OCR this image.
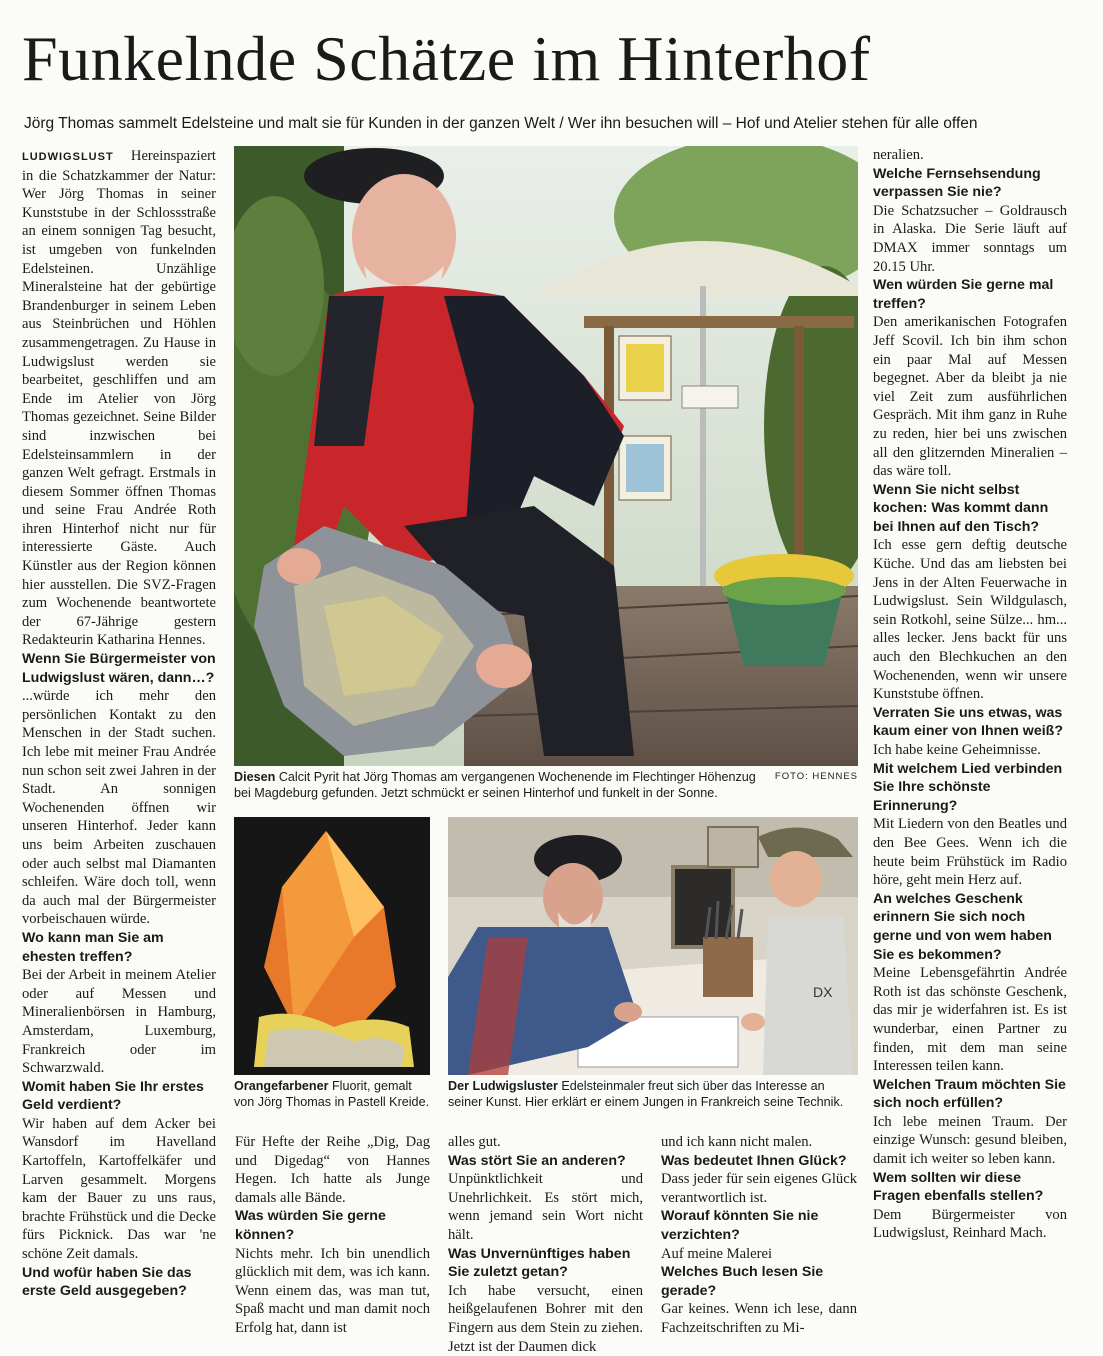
Funkelnde Schätze im Hinterhof

Jörg Thomas sammelt Edelsteine und malt sie für Kunden in der ganzen Welt / Wer ihn besuchen will – Hof und Atelier stehen für alle offen

LUDWIGSLUST Hereinspaziert in die Schatzkammer der Natur: Wer Jörg Thomas in seiner Kunststube in der Schlossstraße an einem sonnigen Tag besucht, ist umgeben von funkelnden Edelsteinen. Unzählige Mineralsteine hat der gebürtige Brandenburger in seinem Leben aus Steinbrüchen und Höhlen zusammengetragen. Zu Hause in Ludwigslust werden sie bearbeitet, geschliffen und am Ende im Atelier von Jörg Thomas gezeichnet. Seine Bilder sind inzwischen bei Edelsteinsammlern in der ganzen Welt gefragt. Erstmals in diesem Sommer öffnen Thomas und seine Frau Andrée Roth ihren Hinterhof nicht nur für interessierte Gäste. Auch Künstler aus der Region können hier ausstellen. Die SVZ-Fragen zum Wochenende beantwortete der 67-Jährige gestern Redakteurin Katharina Hennes.

Wenn Sie Bürgermeister von Ludwigslust wären, dann…?

...würde ich mehr den persönlichen Kontakt zu den Menschen in der Stadt suchen. Ich lebe mit meiner Frau Andrée nun schon seit zwei Jahren in der Stadt. An sonnigen Wochenenden öffnen wir unseren Hinterhof. Jeder kann uns beim Arbeiten zuschauen oder auch selbst mal Diamanten schleifen. Wäre doch toll, wenn da auch mal der Bürgermeister vorbeischauen würde.

Wo kann man Sie am ehesten treffen?

Bei der Arbeit in meinem Atelier oder auf Messen und Mineralienbörsen in Hamburg, Amsterdam, Luxemburg, Frankreich oder im Schwarzwald.

Womit haben Sie Ihr erstes Geld verdient?

Wir haben auf dem Acker bei Wansdorf im Havelland Kartoffeln, Kartoffelkäfer und Larven gesammelt. Morgens kam der Bauer zu uns raus, brachte Frühstück und die Decke fürs Picknick. Das war 'ne schöne Zeit damals.

Und wofür haben Sie das erste Geld ausgegeben?

FOTO: HENNES
Diesen Calcit Pyrit hat Jörg Thomas am vergangenen Wochenende im Flechtinger Höhenzug bei Magdeburg gefunden. Jetzt schmückt er seinen Hinterhof und funkelt in der Sonne.
Orangefarbener Fluorit, gemalt von Jörg Thomas in Pastell Kreide.
DX
Der Ludwigsluster Edelsteinmaler freut sich über das Interesse an seiner Kunst. Hier erklärt er einem Jungen in Frankreich seine Technik.

Für Hefte der Reihe „Dig, Dag und Digedag“ von Hannes Hegen. Ich hatte als Junge damals alle Bände.

Was würden Sie gerne können?

Nichts mehr. Ich bin unendlich glücklich mit dem, was ich kann. Wenn einem das, was man tut, Spaß macht und man damit noch Erfolg hat, dann ist

alles gut.

Was stört Sie an anderen?

Unpünktlichkeit und Unehrlichkeit. Es stört mich, wenn jemand sein Wort nicht hält.

Was Unvernünftiges haben Sie zuletzt getan?

Ich habe versucht, einen heißgelaufenen Bohrer mit den Fingern aus dem Stein zu ziehen. Jetzt ist der Daumen dick

und ich kann nicht malen.

Was bedeutet Ihnen Glück?

Dass jeder für sein eigenes Glück verantwortlich ist.

Worauf könnten Sie nie verzichten?

Auf meine Malerei

Welches Buch lesen Sie gerade?

Gar keines. Wenn ich lese, dann Fachzeitschriften zu Mi-

neralien.

Welche Fernsehsendung verpassen Sie nie?

Die Schatzsucher – Goldrausch in Alaska. Die Serie läuft auf DMAX immer sonntags um 20.15 Uhr.

Wen würden Sie gerne mal treffen?

Den amerikanischen Fotografen Jeff Scovil. Ich bin ihm schon ein paar Mal auf Messen begegnet. Aber da bleibt ja nie viel Zeit zum ausführlichen Gespräch. Mit ihm ganz in Ruhe zu reden, hier bei uns zwischen all den glitzernden Mineralien – das wäre toll.

Wenn Sie nicht selbst kochen: Was kommt dann bei Ihnen auf den Tisch?

Ich esse gern deftig deutsche Küche. Und das am liebsten bei Jens in der Alten Feuerwache in Ludwigslust. Sein Wildgulasch, sein Rotkohl, seine Sülze... hm... alles lecker. Jens backt für uns auch den Blechkuchen an den Wochenenden, wenn wir unsere Kunststube öffnen.

Verraten Sie uns etwas, was kaum einer von Ihnen weiß?

Ich habe keine Geheimnisse.

Mit welchem Lied verbinden Sie Ihre schönste Erinnerung?

Mit Liedern von den Beatles und den Bee Gees. Wenn ich die heute beim Frühstück im Radio höre, geht mein Herz auf.

An welches Geschenk erinnern Sie sich noch gerne und von wem haben Sie es bekommen?

Meine Lebensgefährtin Andrée Roth ist das schönste Geschenk, das mir je widerfahren ist. Es ist wunderbar, einen Partner zu finden, mit dem man seine Interessen teilen kann.

Welchen Traum möchten Sie sich noch erfüllen?

Ich lebe meinen Traum. Der einzige Wunsch: gesund bleiben, damit ich weiter so leben kann.

Wem sollten wir diese Fragen ebenfalls stellen?

Dem Bürgermeister von Ludwigslust, Reinhard Mach.
